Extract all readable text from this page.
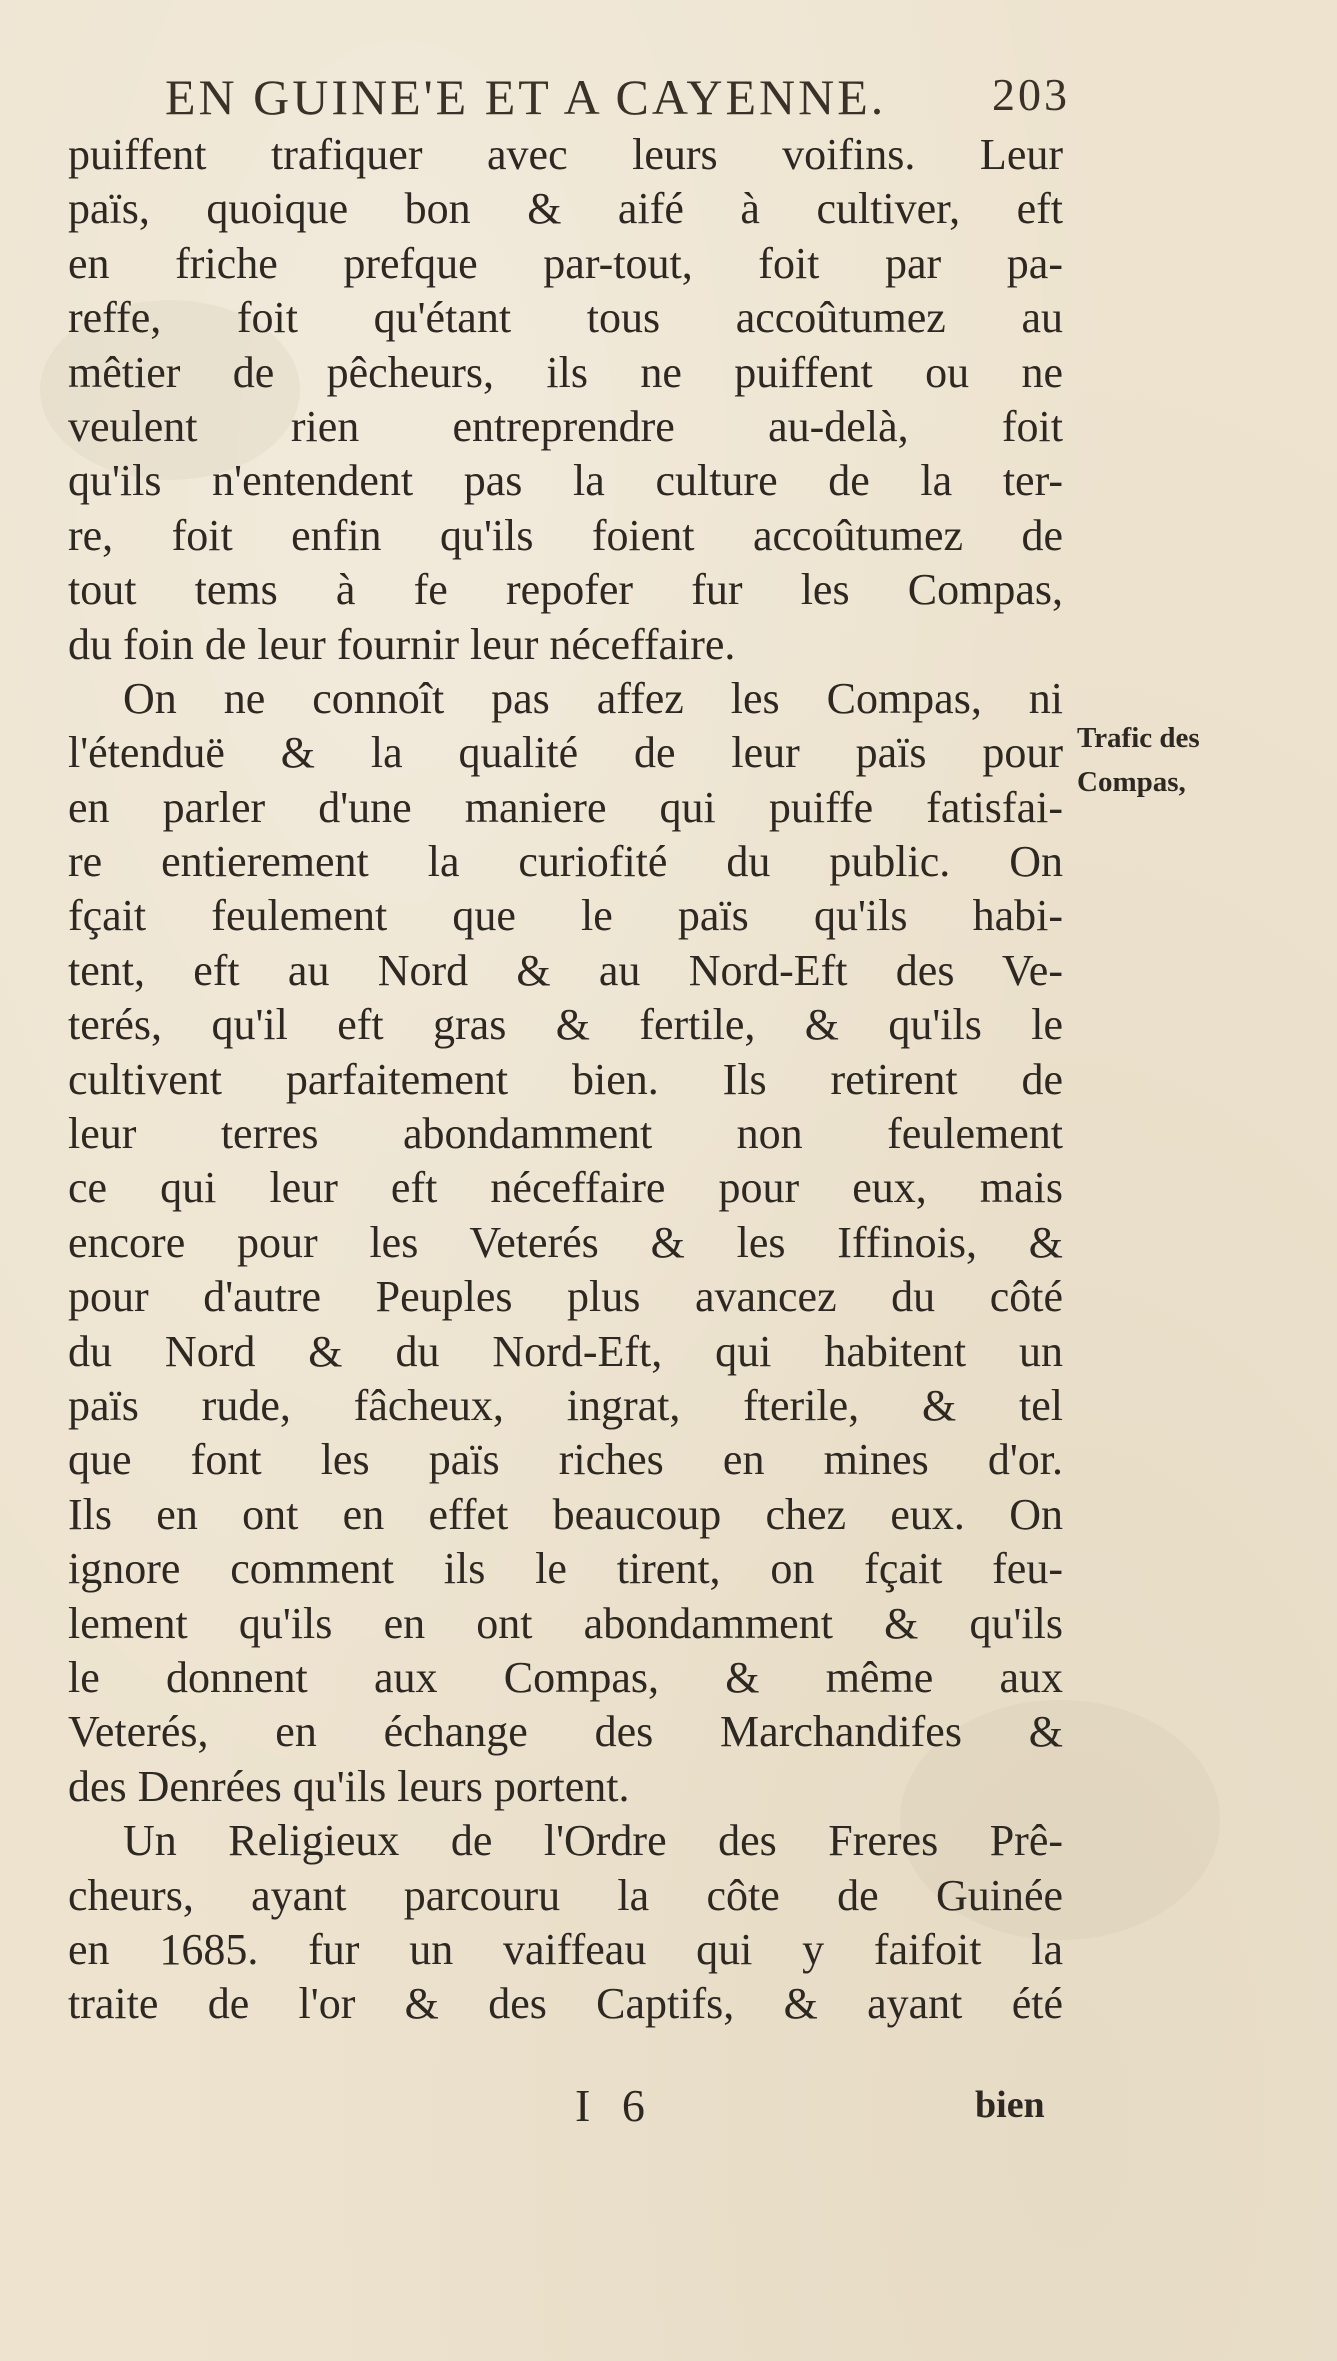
EN GUINE'E ET A CAYENNE. 203
puiffent trafiquer avec leurs voifins. Leur
païs, quoique bon & aifé à cultiver, eft
en friche prefque par-tout, foit par pa-
reffe, foit qu'étant tous accoûtumez au
mêtier de pêcheurs, ils ne puiffent ou ne
veulent rien entreprendre au-delà, foit
qu'ils n'entendent pas la culture de la ter-
re, foit enfin qu'ils foient accoûtumez de
tout tems à fe repofer fur les Compas,
du foin de leur fournir leur néceffaire.
On ne connoît pas affez les Compas, ni
l'étenduë & la qualité de leur païs pour
en parler d'une maniere qui puiffe fatisfai-
re entierement la curiofité du public. On
fçait feulement que le païs qu'ils habi-
tent, eft au Nord & au Nord-Eft des Ve-
terés, qu'il eft gras & fertile, & qu'ils le
cultivent parfaitement bien. Ils retirent de
leur terres abondamment non feulement
ce qui leur eft néceffaire pour eux, mais
encore pour les Veterés & les Iffinois, &
pour d'autre Peuples plus avancez du côté
du Nord & du Nord-Eft, qui habitent un
païs rude, fâcheux, ingrat, fterile, & tel
que font les païs riches en mines d'or.
Ils en ont en effet beaucoup chez eux. On
ignore comment ils le tirent, on fçait feu-
lement qu'ils en ont abondamment & qu'ils
le donnent aux Compas, & même aux
Veterés, en échange des Marchandifes &
des Denrées qu'ils leurs portent.
Un Religieux de l'Ordre des Freres Prê-
cheurs, ayant parcouru la côte de Guinée
en 1685. fur un vaiffeau qui y faifoit la
traite de l'or & des Captifs, & ayant été
Trafic des
Compas,
I 6	bien
